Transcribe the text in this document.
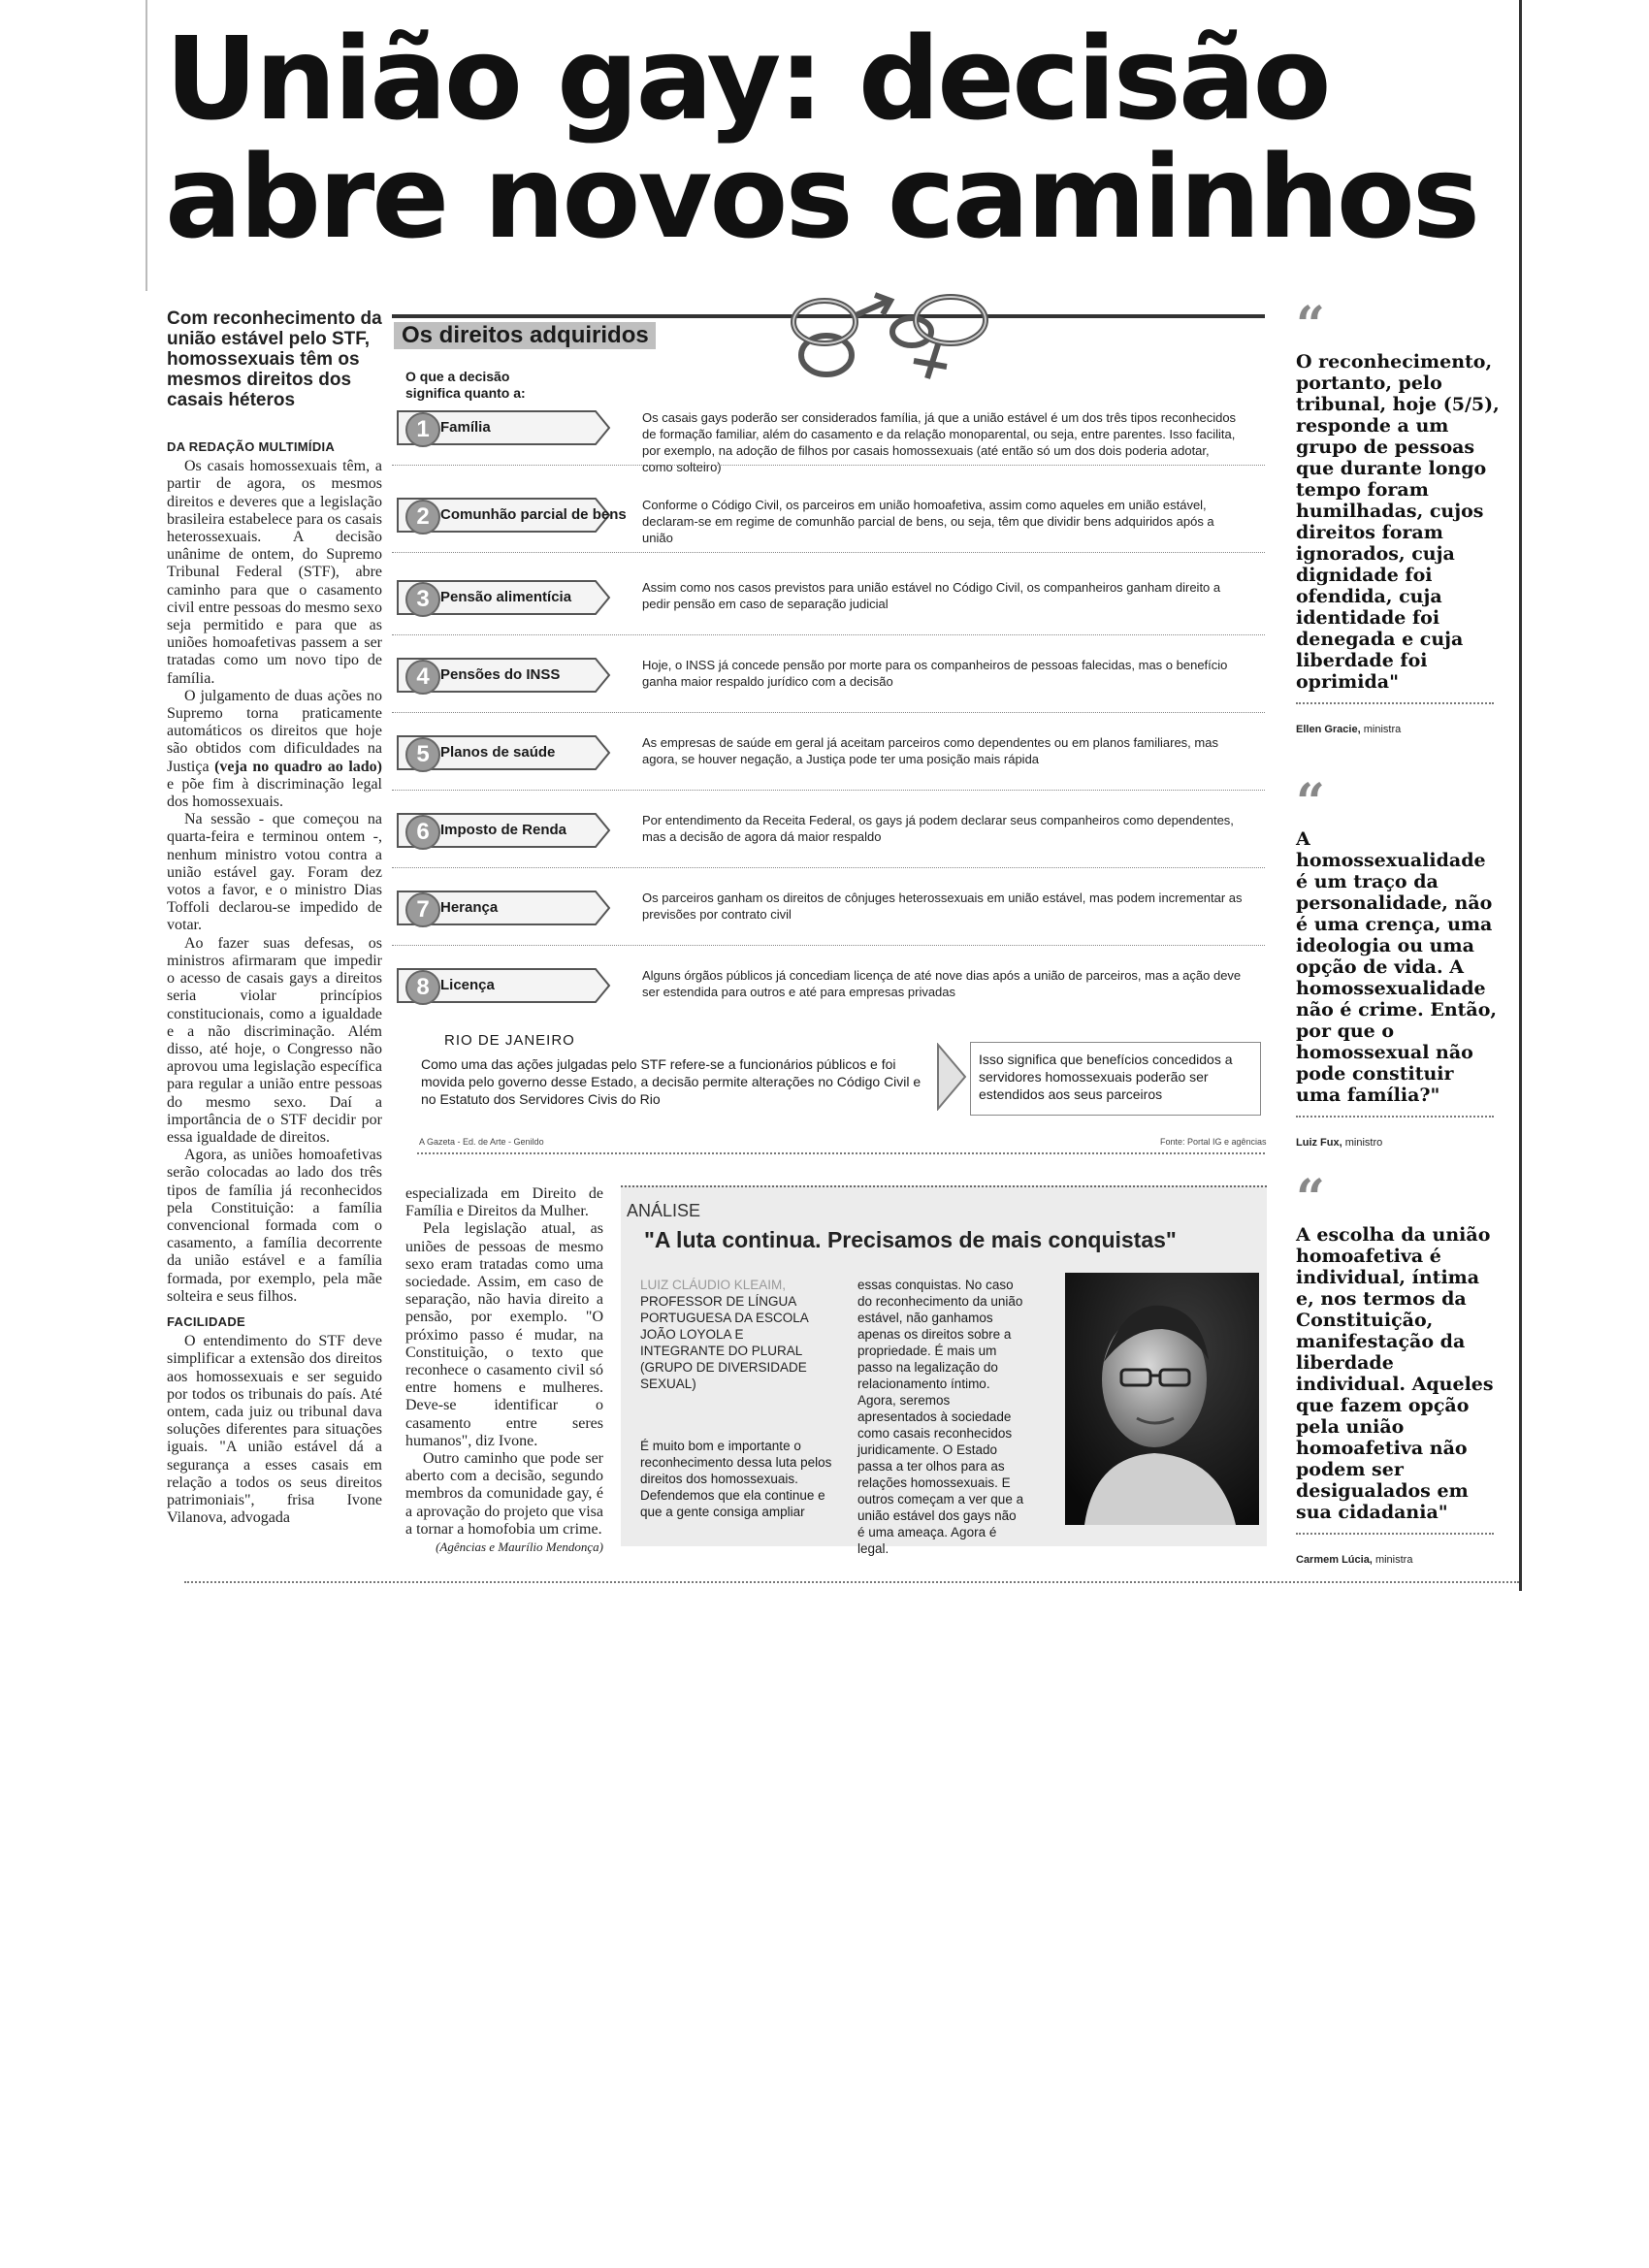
União gay: decisão
abre novos caminhos
Com reconhecimento da união estável pelo STF, homossexuais têm os mesmos direitos dos casais héteros
DA REDAÇÃO MULTIMÍDIA

Os casais homossexuais têm, a partir de agora, os mesmos direitos e deveres que a legislação brasileira estabelece para os casais heterossexuais. A decisão unânime de ontem, do Supremo Tribunal Federal (STF), abre caminho para que o casamento civil entre pessoas do mesmo sexo seja permitido e para que as uniões homoafetivas passem a ser tratadas como um novo tipo de família.

O julgamento de duas ações no Supremo torna praticamente automáticos os direitos que hoje são obtidos com dificuldades na Justiça (veja no quadro ao lado) e põe fim à discriminação legal dos homossexuais.

Na sessão - que começou na quarta-feira e terminou ontem -, nenhum ministro votou contra a união estável gay. Foram dez votos a favor, e o ministro Dias Toffoli declarou-se impedido de votar.

Ao fazer suas defesas, os ministros afirmaram que impedir o acesso de casais gays a direitos seria violar princípios constitucionais, como a igualdade e a não discriminação. Além disso, até hoje, o Congresso não aprovou uma legislação específica para regular a união entre pessoas do mesmo sexo. Daí a importância de o STF decidir por essa igualdade de direitos.

Agora, as uniões homoafetivas serão colocadas ao lado dos três tipos de família já reconhecidos pela Constituição: a família convencional formada com o casamento, a família decorrente da união estável e a família formada, por exemplo, pela mãe solteira e seus filhos.

FACILIDADE

O entendimento do STF deve simplificar a extensão dos direitos aos homossexuais e ser seguido por todos os tribunais do país. Até ontem, cada juiz ou tribunal dava soluções diferentes para situações iguais. "A união estável dá a segurança a esses casais em relação a todos os seus direitos patrimoniais", frisa Ivone Vilanova, advogada

especializada em Direito de Família e Direitos da Mulher.

Pela legislação atual, as uniões de pessoas de mesmo sexo eram tratadas como uma sociedade. Assim, em caso de separação, não havia direito a pensão, por exemplo. "O próximo passo é mudar, na Constituição, o texto que reconhece o casamento civil só entre homens e mulheres. Deve-se identificar o casamento entre seres humanos", diz Ivone.

Outro caminho que pode ser aberto com a decisão, segundo membros da comunidade gay, é a aprovação do projeto que visa a tornar a homofobia um crime.

(Agências e Maurílio Mendonça)

Os direitos adquiridos
O que a decisão significa quanto a:
1 Família
Os casais gays poderão ser considerados família, já que a união estável é um dos três tipos reconhecidos de formação familiar, além do casamento e da relação monoparental, ou seja, entre parentes. Isso facilita, por exemplo, na adoção de filhos por casais homossexuais (até então só um dos dois poderia adotar, como solteiro)
2 Comunhão parcial de bens
Conforme o Código Civil, os parceiros em união homoafetiva, assim como aqueles em união estável, declaram-se em regime de comunhão parcial de bens, ou seja, têm que dividir bens adquiridos após a união
3 Pensão alimentícia
Assim como nos casos previstos para união estável no Código Civil, os companheiros ganham direito a pedir pensão em caso de separação judicial
4 Pensões do INSS
Hoje, o INSS já concede pensão por morte para os companheiros de pessoas falecidas, mas o benefício ganha maior respaldo jurídico com a decisão
5 Planos de saúde
As empresas de saúde em geral já aceitam parceiros como dependentes ou em planos familiares, mas agora, se houver negação, a Justiça pode ter uma posição mais rápida
6 Imposto de Renda
Por entendimento da Receita Federal, os gays já podem declarar seus companheiros como dependentes, mas a decisão de agora dá maior respaldo
7 Herança
Os parceiros ganham os direitos de cônjuges heterossexuais em união estável, mas podem incrementar as previsões por contrato civil
8 Licença
Alguns órgãos públicos já concediam licença de até nove dias após a união de parceiros, mas a ação deve ser estendida para outros e até para empresas privadas
RIO DE JANEIRO
Como uma das ações julgadas pelo STF refere-se a funcionários públicos e foi movida pelo governo desse Estado, a decisão permite alterações no Código Civil e no Estatuto dos Servidores Civis do Rio
Isso significa que benefícios concedidos a servidores homossexuais poderão ser estendidos aos seus parceiros
A Gazeta - Ed. de Arte - Genildo	Fonte: Portal IG e agências
ANÁLISE
"A luta continua. Precisamos de mais conquistas"
LUIZ CLÁUDIO KLEAIM, PROFESSOR DE LÍNGUA PORTUGUESA DA ESCOLA JOÃO LOYOLA E INTEGRANTE DO PLURAL (GRUPO DE DIVERSIDADE SEXUAL)
É muito bom e importante o reconhecimento dessa luta pelos direitos dos homossexuais. Defendemos que ela continue e que a gente consiga ampliar
essas conquistas. No caso do reconhecimento da união estável, não ganhamos apenas os direitos sobre a propriedade. É mais um passo na legalização do relacionamento íntimo. Agora, seremos apresentados à sociedade como casais reconhecidos juridicamente. O Estado passa a ter olhos para as relações homossexuais. E outros começam a ver que a união estável dos gays não é uma ameaça. Agora é legal.
“
O reconhecimento, portanto, pelo tribunal, hoje (5/5), responde a um grupo de pessoas que durante longo tempo foram humilhadas, cujos direitos foram ignorados, cuja dignidade foi ofendida, cuja identidade foi denegada e cuja liberdade foi oprimida"
Ellen Gracie, ministra
“
A homossexualidade é um traço da personalidade, não é uma crença, uma ideologia ou uma opção de vida. A homossexualidade não é crime. Então, por que o homossexual não pode constituir uma família?"
Luiz Fux, ministro
“
A escolha da união homoafetiva é individual, íntima e, nos termos da Constituição, manifestação da liberdade individual. Aqueles que fazem opção pela união homoafetiva não podem ser desigualados em sua cidadania"
Carmem Lúcia, ministra
